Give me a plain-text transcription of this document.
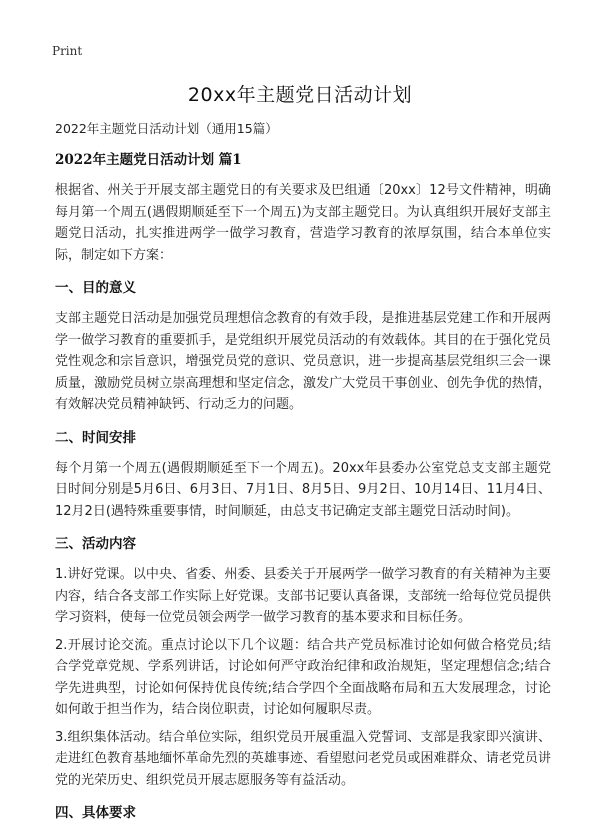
Print
20xx年主题党日活动计划
2022年主题党日活动计划（通用15篇）
2022年主题党日活动计划 篇1

根据省、州关于开展支部主题党日的有关要求及巴组通〔20xx〕12号文件精神，明确每月第一个周五(遇假期顺延至下一个周五)为支部主题党日。为认真组织开展好支部主题党日活动，扎实推进两学一做学习教育，营造学习教育的浓厚氛围，结合本单位实际，制定如下方案：

一、目的意义

支部主题党日活动是加强党员理想信念教育的有效手段，是推进基层党建工作和开展两学一做学习教育的重要抓手，是党组织开展党员活动的有效载体。其目的在于强化党员党性观念和宗旨意识，增强党员党的意识、党员意识，进一步提高基层党组织三会一课质量，激励党员树立崇高理想和坚定信念，激发广大党员干事创业、创先争优的热情，有效解决党员精神缺钙、行动乏力的问题。

二、时间安排

每个月第一个周五(遇假期顺延至下一个周五)。20xx年县委办公室党总支支部主题党日时间分别是5月6日、6月3日、7月1日、8月5日、9月2日、10月14日、11月4日、12月2日(遇特殊重要事情，时间顺延，由总支书记确定支部主题党日活动时间)。

三、活动内容

1.讲好党课。以中央、省委、州委、县委关于开展两学一做学习教育的有关精神为主要内容，结合各支部工作实际上好党课。支部书记要认真备课，支部统一给每位党员提供学习资料，使每一位党员领会两学一做学习教育的基本要求和目标任务。

2.开展讨论交流。重点讨论以下几个议题：结合共产党员标准讨论如何做合格党员;结合学党章党规、学系列讲话，讨论如何严守政治纪律和政治规矩，坚定理想信念;结合学先进典型，讨论如何保持优良传统;结合学四个全面战略布局和五大发展理念，讨论如何敢于担当作为，结合岗位职责，讨论如何履职尽责。

3.组织集体活动。结合单位实际，组织党员开展重温入党誓词、支部是我家即兴演讲、走进红色教育基地缅怀革命先烈的英雄事迹、看望慰问老党员或困难群众、请老党员讲党的光荣历史、组织党员开展志愿服务等有益活动。

四、具体要求
